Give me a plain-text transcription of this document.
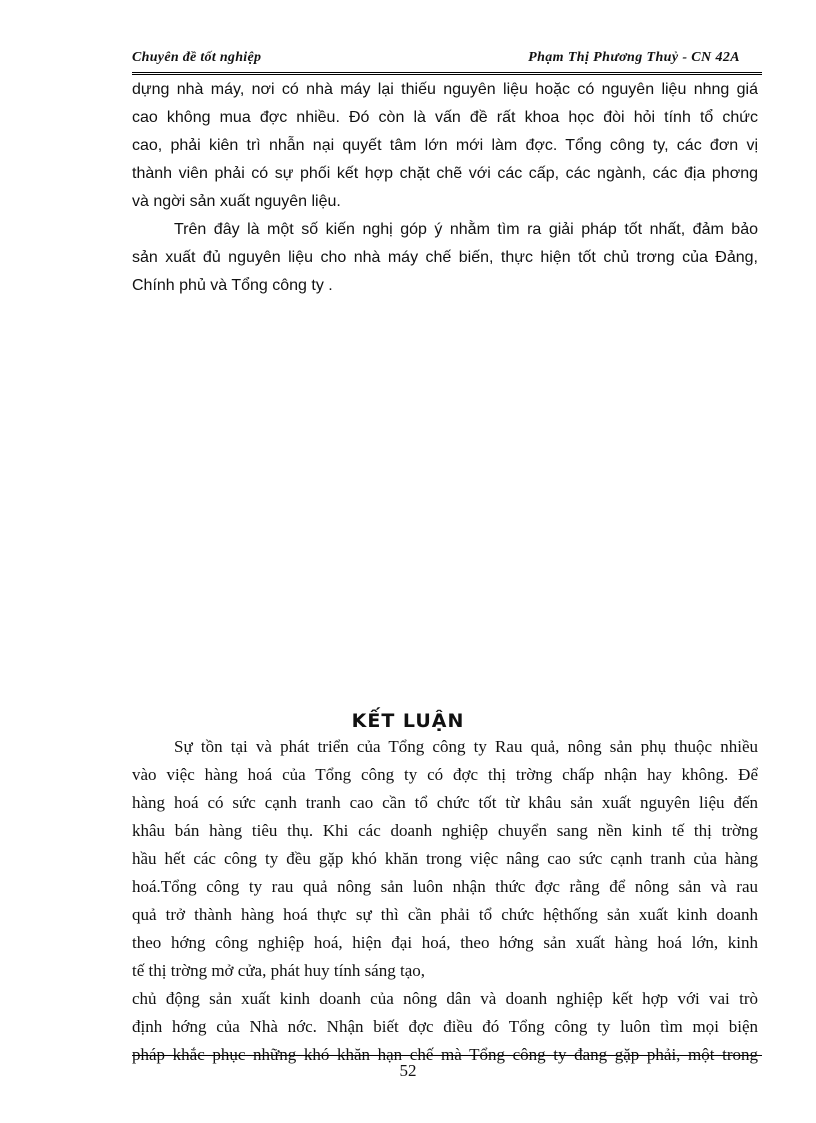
Chuyên đề tốt nghiệp	Phạm Thị Phương Thuỷ - CN 42A
dựng nhà máy, nơi có nhà máy lại thiếu nguyên liệu hoặc có nguyên liệu nhng giá
cao không mua đợc nhiều. Đó còn là vấn đề rất khoa học đòi hỏi tính tổ chức
cao, phải kiên trì nhẫn nại quyết tâm lớn mới làm đợc. Tổng công ty, các đơn vị
thành viên phải có sự phối kết hợp chặt chẽ với các cấp, các ngành, các địa phơng
và ngời sản xuất nguyên liệu.
Trên đây là một số kiến nghị góp ý nhằm tìm ra giải pháp tốt nhất, đảm bảo
sản xuất đủ nguyên liệu cho nhà máy chế biến, thực hiện tốt chủ trơng của Đảng,
Chính phủ và Tổng công ty .
KẾT LUẬN
Sự tồn tại và phát triển của Tổng công ty Rau quả, nông sản phụ thuộc nhiều
vào việc hàng hoá của Tổng công ty có đợc thị trờng chấp nhận hay không. Để
hàng hoá có sức cạnh tranh cao cần tổ chức tốt từ khâu sản xuất nguyên liệu đến
khâu bán hàng tiêu thụ. Khi các doanh nghiệp chuyển sang nền kinh tế thị trờng
hầu hết các công ty đều gặp khó khăn trong việc nâng cao sức cạnh tranh của hàng
hoá.Tổng công ty rau quả nông sản luôn nhận thức đợc rằng để nông sản và rau
quả trở thành hàng hoá thực sự thì cần phải tổ chức hệthống sản xuất kinh doanh
theo hớng công nghiệp hoá, hiện đại hoá, theo hớng sản xuất hàng hoá lớn, kinh
tế thị trờng mở cửa, phát huy tính sáng tạo,
chủ động sản xuất kinh doanh của nông dân và doanh nghiệp kết hợp với vai trò
định hớng của Nhà nớc. Nhận biết đợc điều đó Tổng công ty luôn tìm mọi biện
pháp khắc phục những khó khăn hạn chế mà Tổng công ty đang gặp phải, một trong
52
